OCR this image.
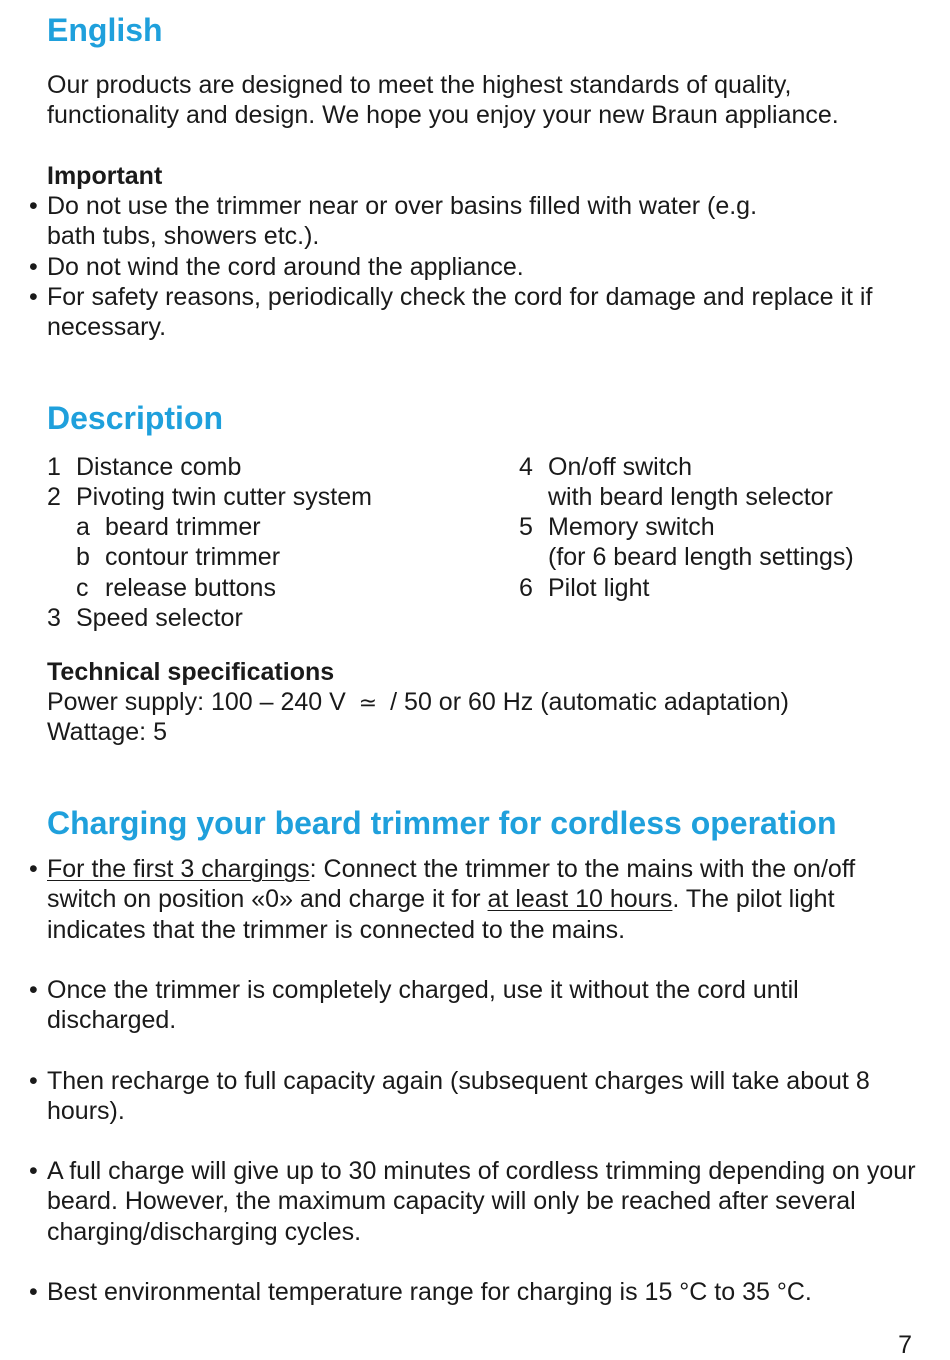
English
Our products are designed to meet the highest standards of quality,
functionality and design. We hope you enjoy your new Braun appliance.
Important
• Do not use the trimmer near or over basins filled with water (e.g. bath tubs, showers etc.).
• Do not wind the cord around the appliance.
• For safety reasons, periodically check the cord for damage and replace it if necessary.
Description
1 Distance comb
2 Pivoting twin cutter system
a beard trimmer
b contour trimmer
c release buttons
3 Speed selector
4 On/off switch
with beard length selector
5 Memory switch
(for 6 beard length settings)
6 Pilot light
Technical specifications
Power supply: 100 – 240 V ≃ / 50 or 60 Hz (automatic adaptation)
Wattage: 5
Charging your beard trimmer for cordless operation
• For the first 3 chargings: Connect the trimmer to the mains with the on/off switch on position «0» and charge it for at least 10 hours. The pilot light indicates that the trimmer is connected to the mains.
• Once the trimmer is completely charged, use it without the cord until discharged.
• Then recharge to full capacity again (subsequent charges will take about 8 hours).
• A full charge will give up to 30 minutes of cordless trimming depending on your beard. However, the maximum capacity will only be reached after several charging/discharging cycles.
• Best environmental temperature range for charging is 15 °C to 35 °C.
7
